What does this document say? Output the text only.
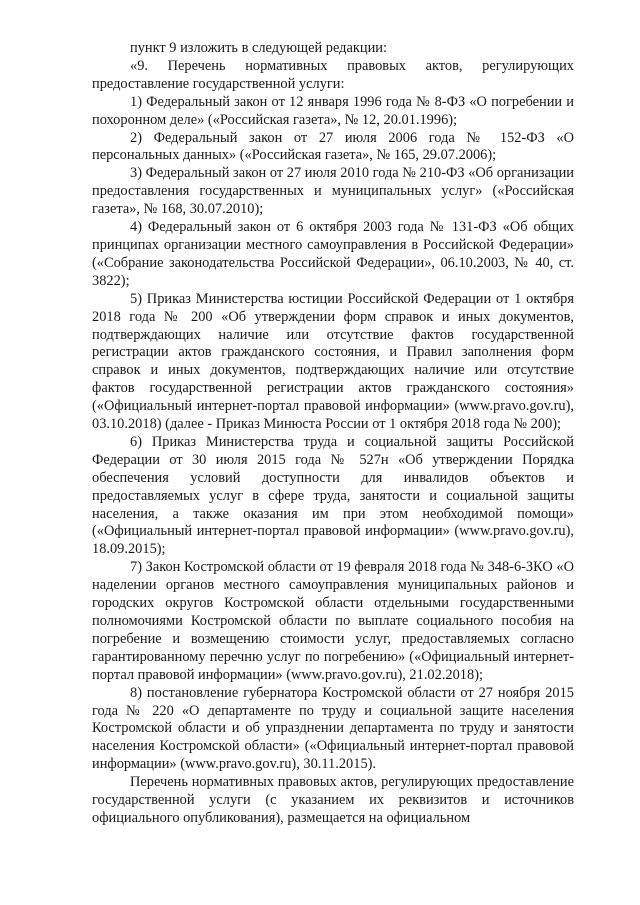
пункт 9 изложить в следующей редакции:

«9. Перечень нормативных правовых актов, регулирующих предоставление государственной услуги:

1) Федеральный закон от 12 января 1996 года № 8-ФЗ «О погребении и похоронном деле» («Российская газета», № 12, 20.01.1996);

2) Федеральный закон от 27 июля 2006 года № 152-ФЗ «О персональных данных» («Российская газета», № 165, 29.07.2006);

3) Федеральный закон от 27 июля 2010 года № 210-ФЗ «Об организации предоставления государственных и муниципальных услуг» («Российская газета», № 168, 30.07.2010);

4) Федеральный закон от 6 октября 2003 года № 131-ФЗ «Об общих принципах организации местного самоуправления в Российской Федерации» («Собрание законодательства Российской Федерации», 06.10.2003, № 40, ст. 3822);

5) Приказ Министерства юстиции Российской Федерации от 1 октября 2018 года № 200 «Об утверждении форм справок и иных документов, подтверждающих наличие или отсутствие фактов государственной регистрации актов гражданского состояния, и Правил заполнения форм справок и иных документов, подтверждающих наличие или отсутствие фактов государственной регистрации актов гражданского состояния» («Официальный интернет-портал правовой информации» (www.pravo.gov.ru), 03.10.2018) (далее - Приказ Минюста России от 1 октября 2018 года № 200);

6) Приказ Министерства труда и социальной защиты Российской Федерации от 30 июля 2015 года № 527н «Об утверждении Порядка обеспечения условий доступности для инвалидов объектов и предоставляемых услуг в сфере труда, занятости и социальной защиты населения, а также оказания им при этом необходимой помощи» («Официальный интернет-портал правовой информации» (www.pravo.gov.ru), 18.09.2015);

7) Закон Костромской области от 19 февраля 2018 года № 348-6-ЗКО «О наделении органов местного самоуправления муниципальных районов и городских округов Костромской области отдельными государственными полномочиями Костромской области по выплате социального пособия на погребение и возмещению стоимости услуг, предоставляемых согласно гарантированному перечню услуг по погребению» («Официальный интернет-портал правовой информации» (www.pravo.gov.ru), 21.02.2018);

8) постановление губернатора Костромской области от 27 ноября 2015 года № 220 «О департаменте по труду и социальной защите населения Костромской области и об упразднении департамента по труду и занятости населения Костромской области» («Официальный интернет-портал правовой информации» (www.pravo.gov.ru), 30.11.2015).

Перечень нормативных правовых актов, регулирующих предоставление государственной услуги (с указанием их реквизитов и источников официального опубликования), размещается на официальном
